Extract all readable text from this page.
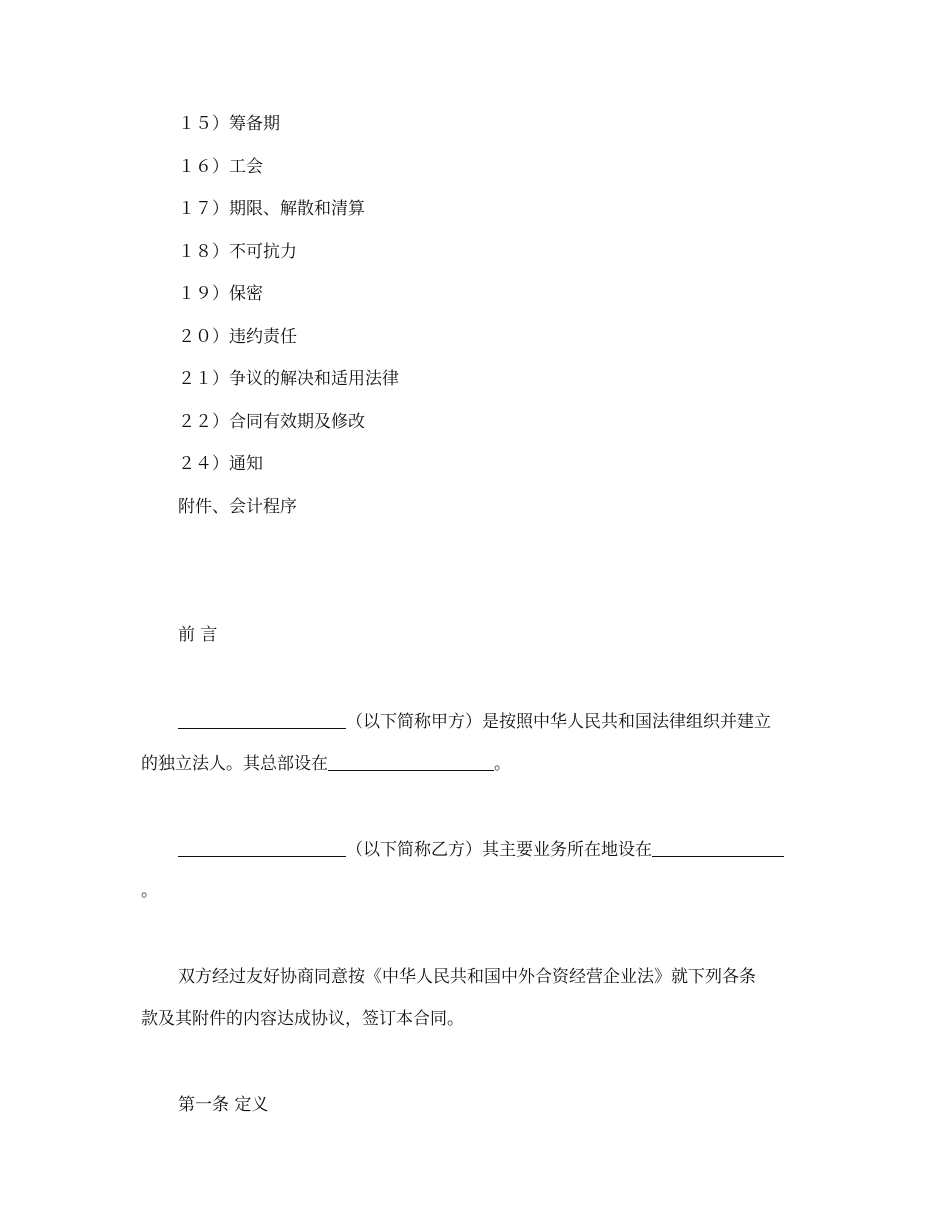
１５）筹备期
１６）工会
１７）期限、解散和清算
１８）不可抗力
１９）保密
２０）违约责任
２１）争议的解决和适用法律
２２）合同有效期及修改
２４）通知
附件、会计程序
前 言
（以下简称甲方）是按照中华人民共和国法律组织并建立
的独立法人。其总部设在	。
（以下简称乙方）其主要业务所在地设在
。
双方经过友好协商同意按《中华人民共和国中外合资经营企业法》就下列各条
款及其附件的内容达成协议，签订本合同。
第一条 定义
